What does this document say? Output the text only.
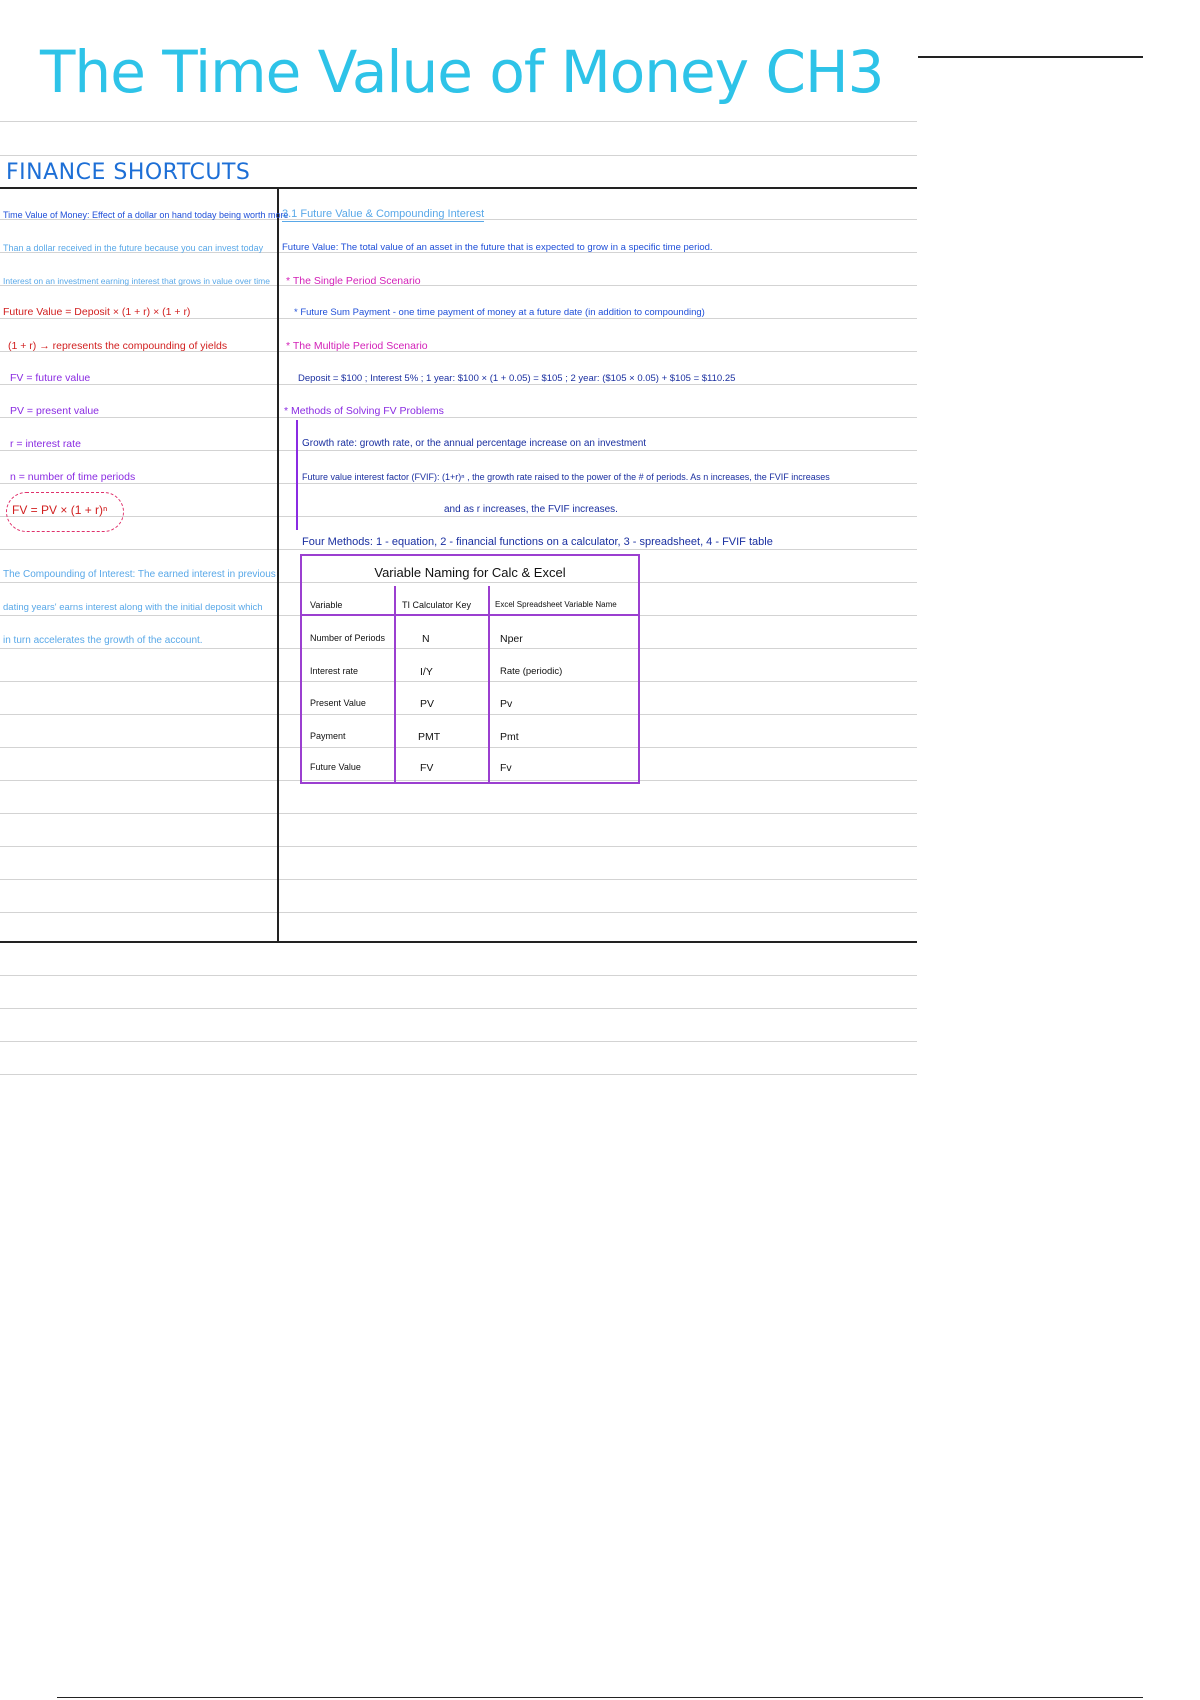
The Time Value of Money CH3
FINANCE SHORTCUTS
Time Value of Money: Effect of a dollar on hand today being worth more
Than a dollar received in the future because you can invest today
Interest on an investment earning interest that grows in value over time
Future Value = Deposit × (1 + r) × (1 + r)
(1 + r) → represents the compounding of yields
FV = future value
PV = present value
r = interest rate
n = number of time periods
FV = PV × (1 + r)ⁿ
The Compounding of Interest: The earned interest in previous
dating years' earns interest along with the initial deposit which
in turn accelerates the growth of the account.
3.1 Future Value & Compounding Interest
Future Value: The total value of an asset in the future that is expected to grow in a specific time period.
* The Single Period Scenario
* Future Sum Payment - one time payment of money at a future date (in addition to compounding)
* The Multiple Period Scenario
Deposit = $100 ; Interest 5% ; 1 year: $100 × (1 + 0.05) = $105 ; 2 year: ($105 × 0.05) + $105 = $110.25
* Methods of Solving FV Problems
Growth rate: growth rate, or the annual percentage increase on an investment
Future value interest factor (FVIF): (1+r)ⁿ , the growth rate raised to the power of the # of periods. As n increases, the FVIF increases
and as r increases, the FVIF increases.
Four Methods: 1 - equation, 2 - financial functions on a calculator, 3 - spreadsheet, 4 - FVIF table
Variable Naming for Calc & Excel
Variable	TI Calculator Key	Excel Spreadsheet Variable Name
Number of Periods	N	Nper
Interest rate	I/Y	Rate (periodic)
Present Value	PV	Pv
Payment	PMT	Pmt
Future Value	FV	Fv
